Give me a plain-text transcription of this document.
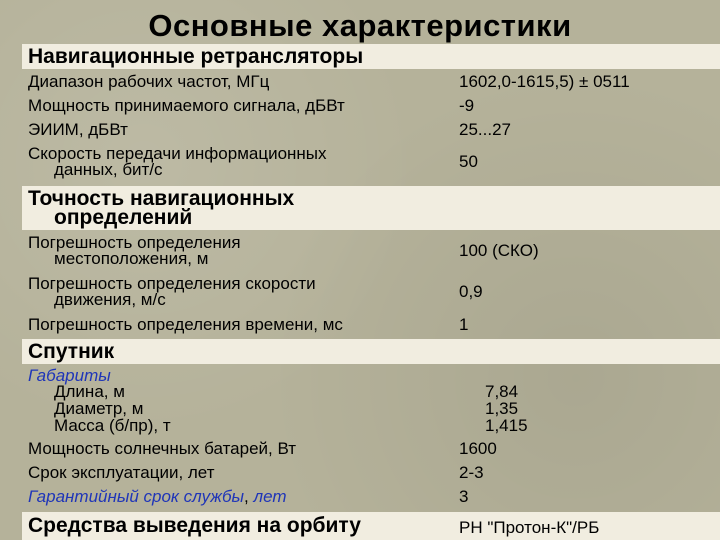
Основные характеристики
Навигационные ретрансляторы
Диапазон рабочих частот, МГц	1602,0-1615,5) ± 0511
Мощность принимаемого сигнала, дБВт	-9
ЭИИМ, дБВт	25...27
Скорость передачи информационных
данных, бит/с	50
Точность навигационных
определений
Погрешность определения
местоположения, м	100 (СКО)
Погрешность определения скорости
движения, м/с	0,9
Погрешность определения времени, мс	1
Спутник
Габариты
Длина, м	7,84
Диаметр, м	1,35
Масса (б/пр), т	1,415
Мощность солнечных батарей, Вт	1600
Срок эксплуатации, лет	2-3
Гарантийный срок службы, лет	3
Средства выведения на орбиту	РН "Протон-К"/РБ
